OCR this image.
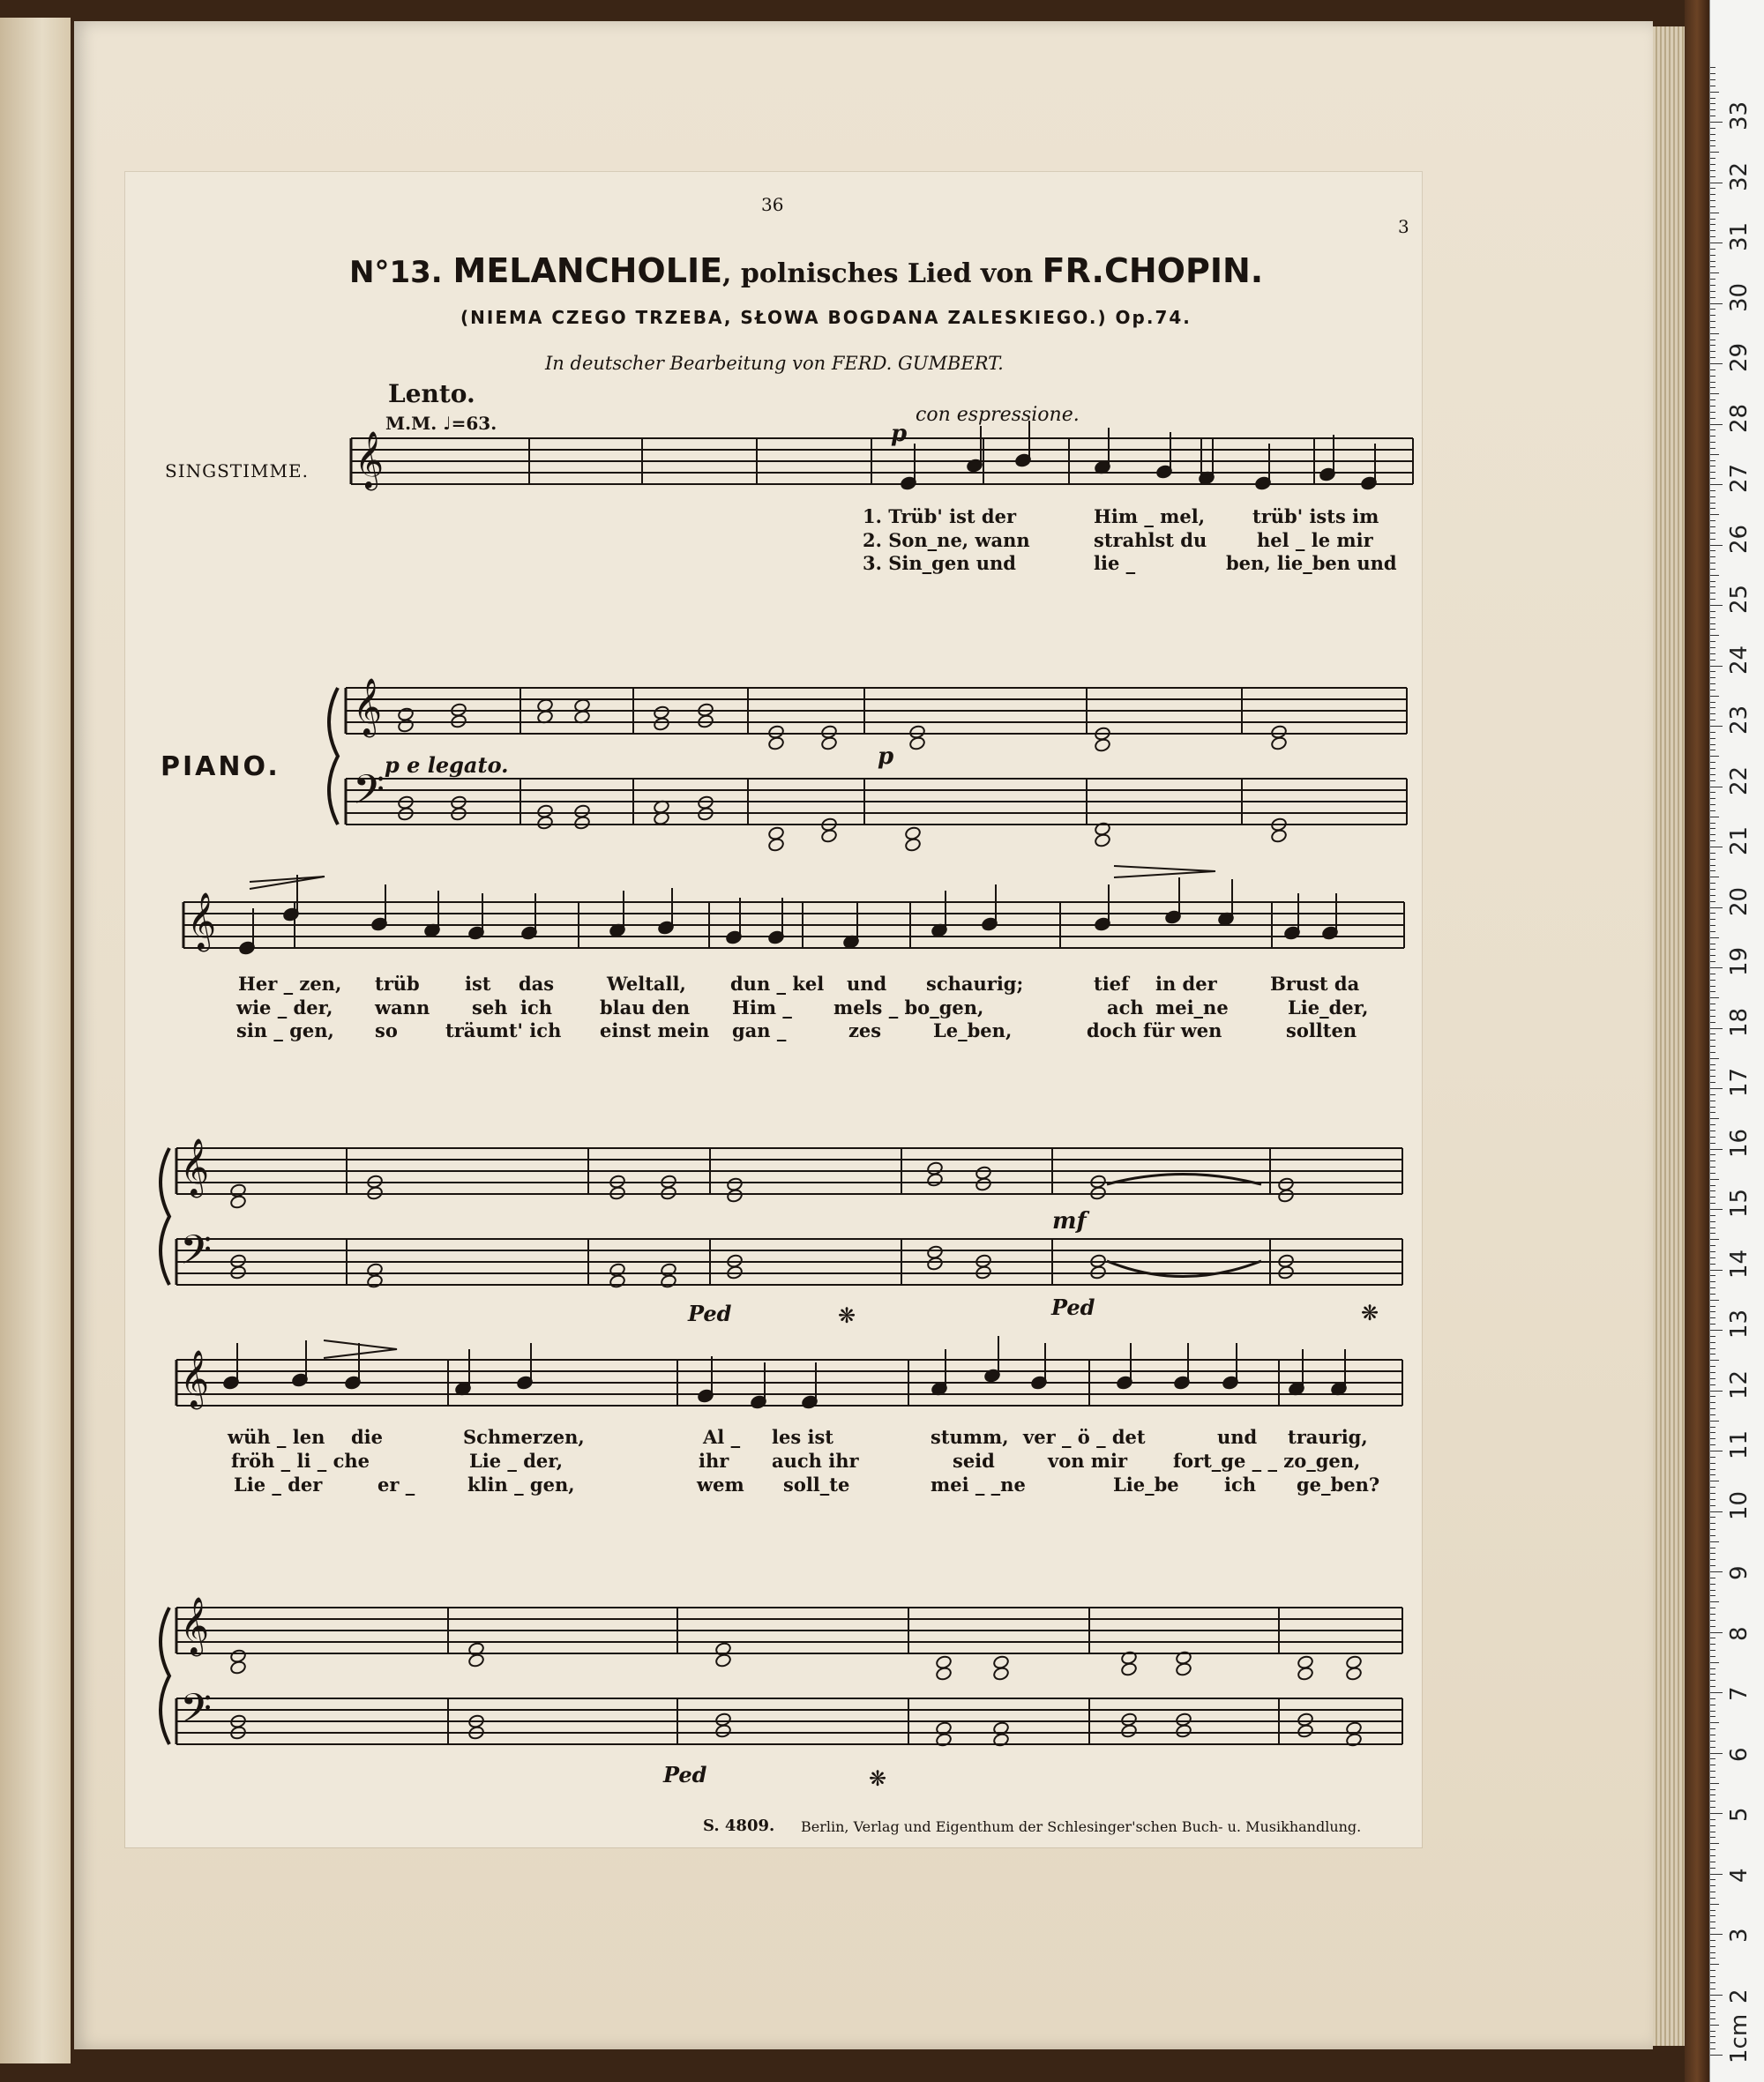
1cm
2
3
4
5
6
7
8
9
10
11
12
13
14
15
16
17
18
19
20
21
22
23
24
25
26
27
28
29
30
31
32
33
36
3
N°13. MELANCHOLIE, polnisches Lied von FR.CHOPIN.
(NIEMA CZEGO TRZEBA, SŁOWA BOGDANA ZALESKIEGO.) Op.74.
In deutscher Bearbeitung von FERD. GUMBERT.
Lento.
M.M. ♩=63.	con espressione.
SINGSTIMME.
PIANO.
p
p
p e legato.
mf
Ped	❋	Ped	❋
Ped	❋
1. Trüb' ist der	Him _ mel,	trüb' ists im
2. Son_ne, wann	strahlst du	hel _ le mir
3. Sin_gen und	lie _	ben, lie_ben und
Her _ zen, trüb ist das	Weltall, dun _ kel und schaurig;	tief in der	Brust da
wie _ der, wann seh ich	blau den Him _ mels _ bo_gen,	ach mei_ne	Lie_der,
sin _ gen, so	träumt' ich einst mein gan _	zes	Le_ben,	doch für wen	sollten
wüh _ len die	Schmerzen,	Al _ les ist	stumm, ver _ ö _ det	und traurig,
fröh _ li _ che	Lie _ der,	ihr auch ihr	seid	von mir fort_ge _ _ zo_gen,
Lie _ der	er _	klin _ gen,	wem soll_te	mei _ _ne	Lie_be ich ge_ben?
S. 4809. Berlin, Verlag und Eigenthum der Schlesinger'schen Buch- u. Musikhandlung.
𝄞
𝄞
𝄢
𝄞
𝄞
𝄢
𝄞
𝄞
𝄢
